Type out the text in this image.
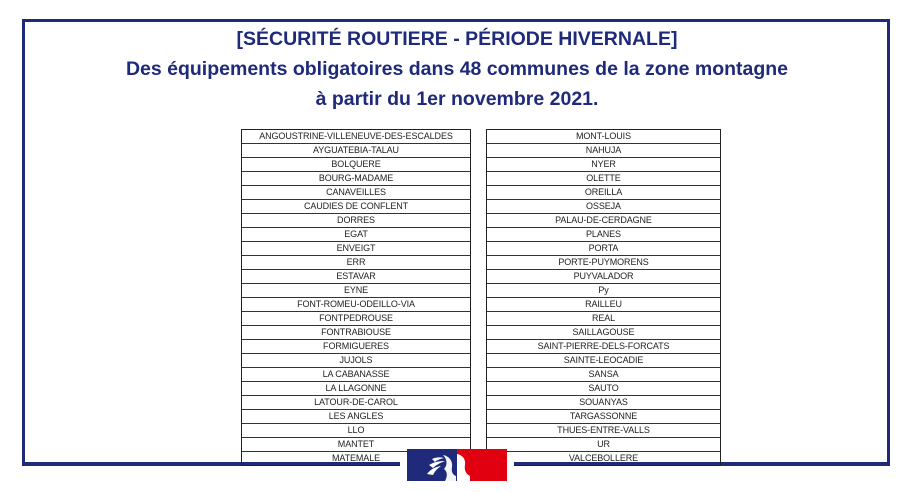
[SÉCURITÉ ROUTIERE - PÉRIODE HIVERNALE]
Des équipements obligatoires dans 48 communes de la zone montagne
à partir du 1er novembre 2021.
ANGOUSTRINE-VILLENEUVE-DES-ESCALDES
AYGUATEBIA-TALAU
BOLQUERE
BOURG-MADAME
CANAVEILLES
CAUDIES DE CONFLENT
DORRES
EGAT
ENVEIGT
ERR
ESTAVAR
EYNE
FONT-ROMEU-ODEILLO-VIA
FONTPEDROUSE
FONTRABIOUSE
FORMIGUERES
JUJOLS
LA CABANASSE
LA LLAGONNE
LATOUR-DE-CAROL
LES ANGLES
LLO
MANTET
MATEMALE
MONT-LOUIS
NAHUJA
NYER
OLETTE
OREILLA
OSSEJA
PALAU-DE-CERDAGNE
PLANES
PORTA
PORTE-PUYMORENS
PUYVALADOR
Py
RAILLEU
REAL
SAILLAGOUSE
SAINT-PIERRE-DELS-FORCATS
SAINTE-LEOCADIE
SANSA
SAUTO
SOUANYAS
TARGASSONNE
THUES-ENTRE-VALLS
UR
VALCEBOLLERE
